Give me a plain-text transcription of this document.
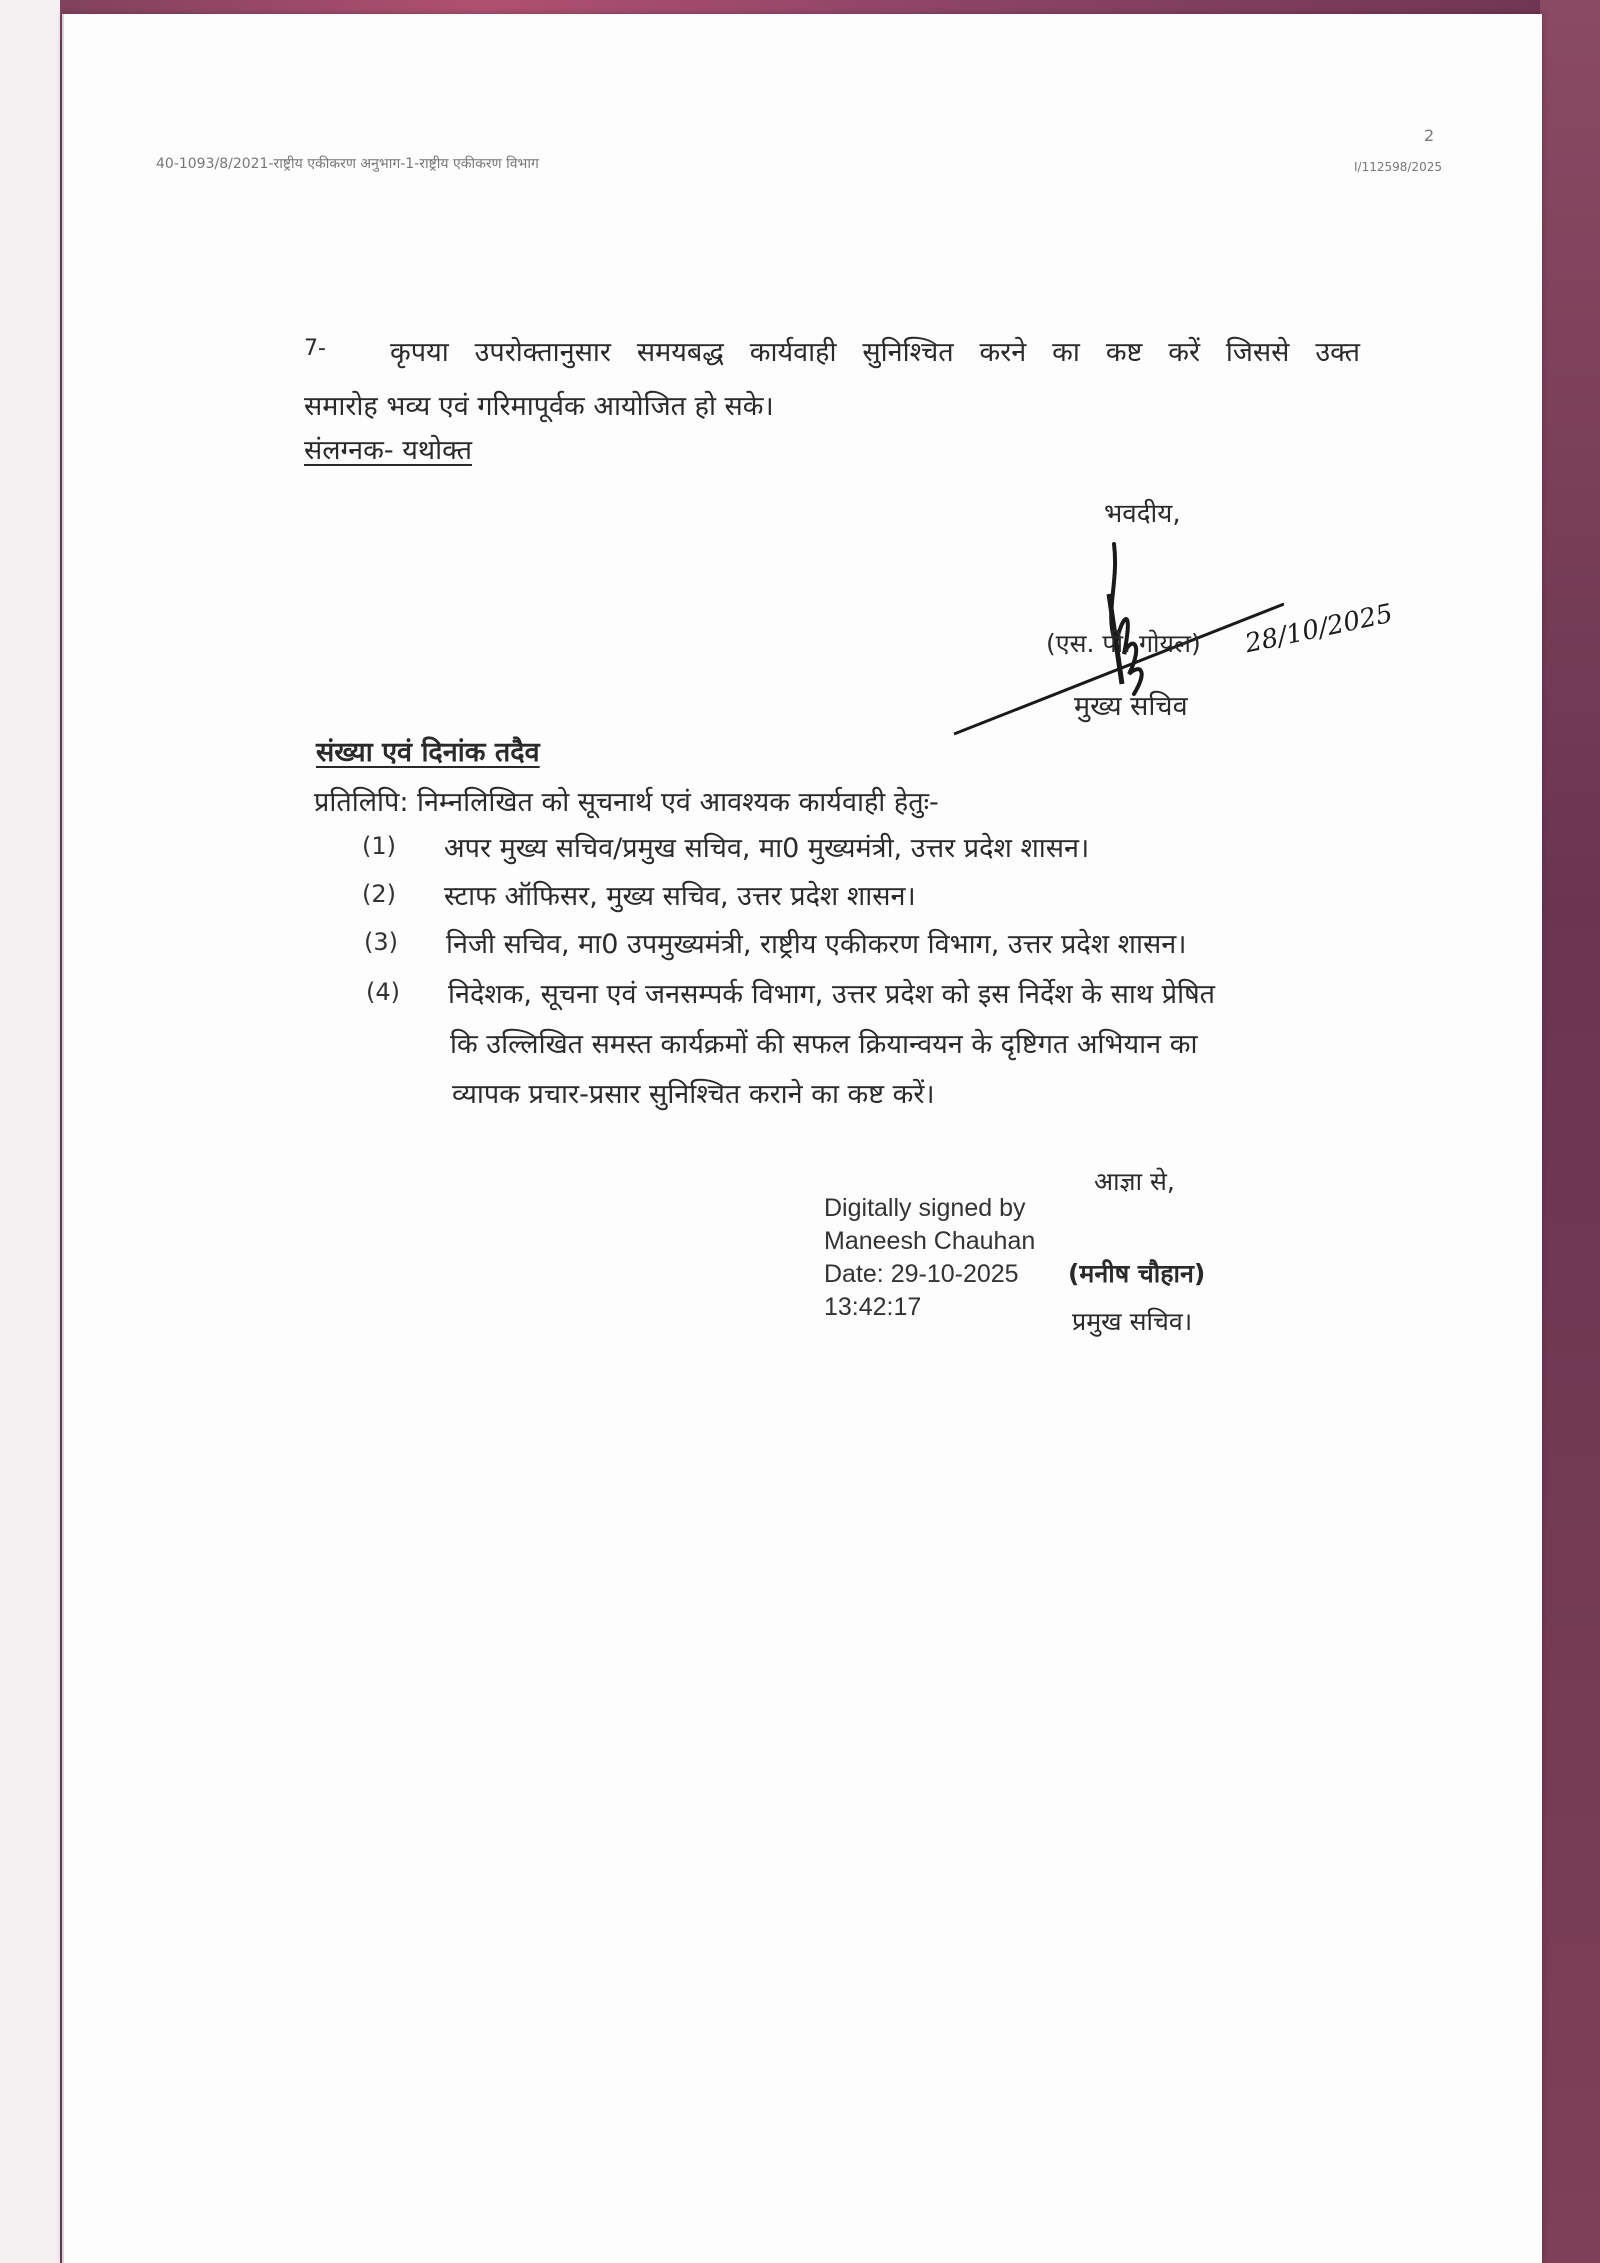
40-1093/8/2021-राष्ट्रीय एकीकरण अनुभाग-1-राष्ट्रीय एकीकरण विभाग	I/112598/2025
2
7- कृपया उपरोक्तानुसार समयबद्ध कार्यवाही सुनिश्चित करने का कष्ट करें जिससे उक्त
समारोह भव्य एवं गरिमापूर्वक आयोजित हो सके।
संलग्नक- यथोक्त
भवदीय,
(एस. पी. गोयल) 28/10/2025
मुख्य सचिव
संख्या एवं दिनांक तदैव
प्रतिलिपि: निम्नलिखित को सूचनार्थ एवं आवश्यक कार्यवाही हेतुः-
(1) अपर मुख्य सचिव/प्रमुख सचिव, मा0 मुख्यमंत्री, उत्तर प्रदेश शासन।
(2) स्टाफ ऑफिसर, मुख्य सचिव, उत्तर प्रदेश शासन।
(3) निजी सचिव, मा0 उपमुख्यमंत्री, राष्ट्रीय एकीकरण विभाग, उत्तर प्रदेश शासन।
(4) निदेशक, सूचना एवं जनसम्पर्क विभाग, उत्तर प्रदेश को इस निर्देश के साथ प्रेषित
कि उल्लिखित समस्त कार्यक्रमों की सफल क्रियान्वयन के दृष्टिगत अभियान का
व्यापक प्रचार-प्रसार सुनिश्चित कराने का कष्ट करें।
आज्ञा से,
Digitally signed by
Maneesh Chauhan
Date: 29-10-2025
13:42:17
(मनीष चौहान)
प्रमुख सचिव।
